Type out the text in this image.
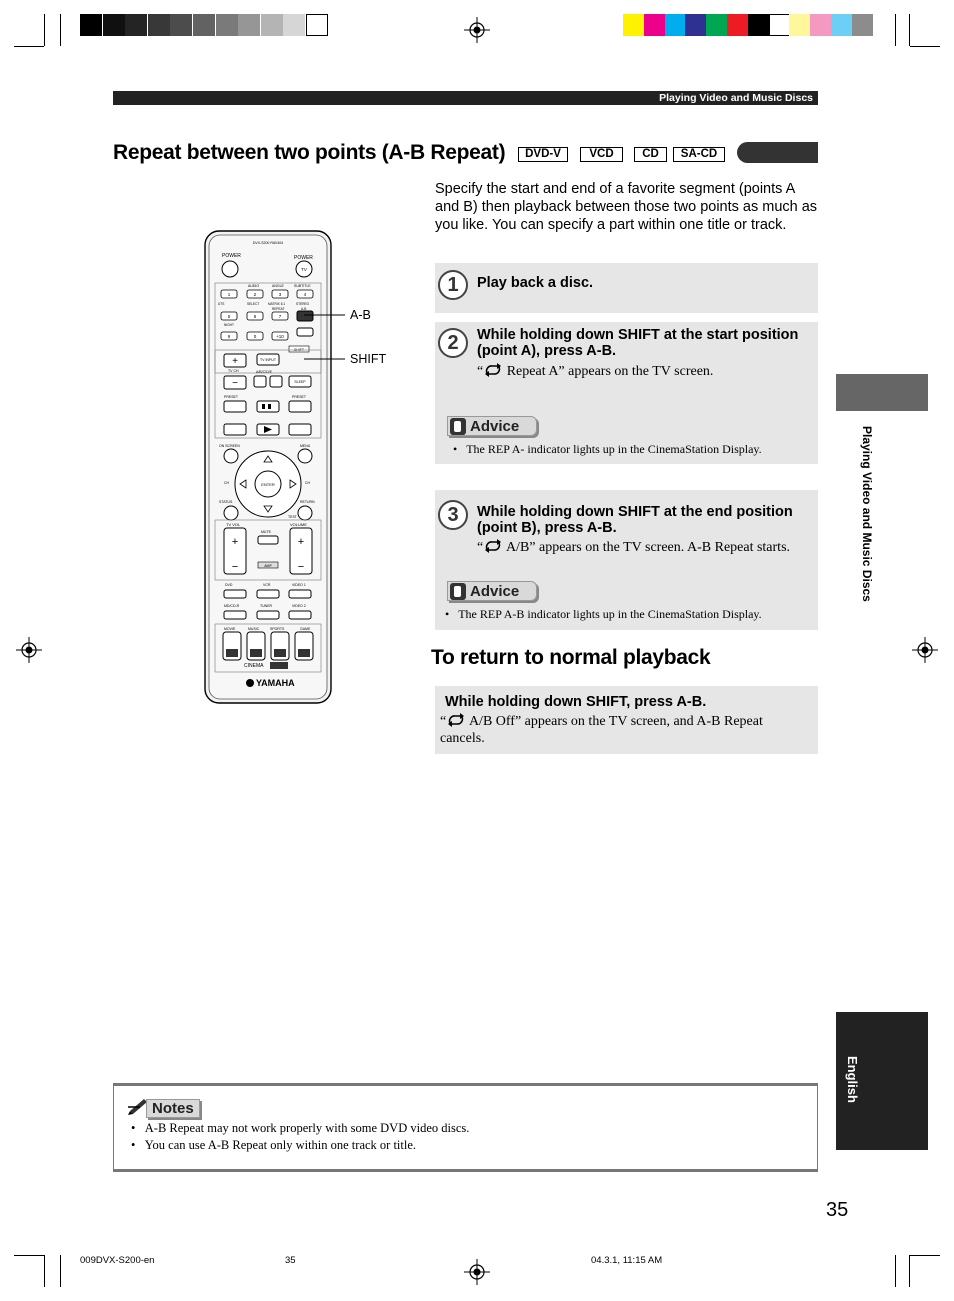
Playing Video and Music Discs
Repeat between two points (A-B Repeat)	DVD-V	VCD	CD	SA-CD
Specify the start and end of a favorite segment (points A and B) then playback between those two points as much as you like. You can specify a part within one title or track.
DVX-S200 RAV404
POWER	POWER
TV
AUDIO	ANGLE	SUBTITLE
1	2	3	4
5	6	7
9	0	+10
DTS	SELECT	MATRIX 6.1	STEREO
REPEAT	A-B
NIGHT
SHIFT
+
−
TV CH
TV INPUT
A/B/C/D/E
SLEEP
PRESET	PRESET
ON SCREEN	MENU
ENTER
CH	CH
STATUS	RETURN
TEST
TV VOL	VOLUME
MUTE
+
−
+
−
AMP
DVD	VCR	VIDEO 1
MD/CD-R	TUNER	VIDEO 2
MOVIE	MUSIC	SPORTS	GAME
CINEMA
YAMAHA
A-B
SHIFT
1	Play back a disc.
2	While holding down SHIFT at the start position (point A), press A-B.
“ Repeat A” appears on the TV screen.
Advice
•   The REP A- indicator lights up in the CinemaStation Display.
3	While holding down SHIFT at the end position (point B), press A-B.
“ A/B” appears on the TV screen. A-B Repeat starts.
Advice
•   The REP A-B indicator lights up in the CinemaStation Display.
To return to normal playback
While holding down SHIFT, press A-B.
“ A/B Off” appears on the TV screen, and A-B Repeat
cancels.
Playing Video and Music Discs
English
Notes
•   A-B Repeat may not work properly with some DVD video discs.
•   You can use A-B Repeat only within one track or title.
35
009DVX-S200-en	35	04.3.1, 11:15 AM
